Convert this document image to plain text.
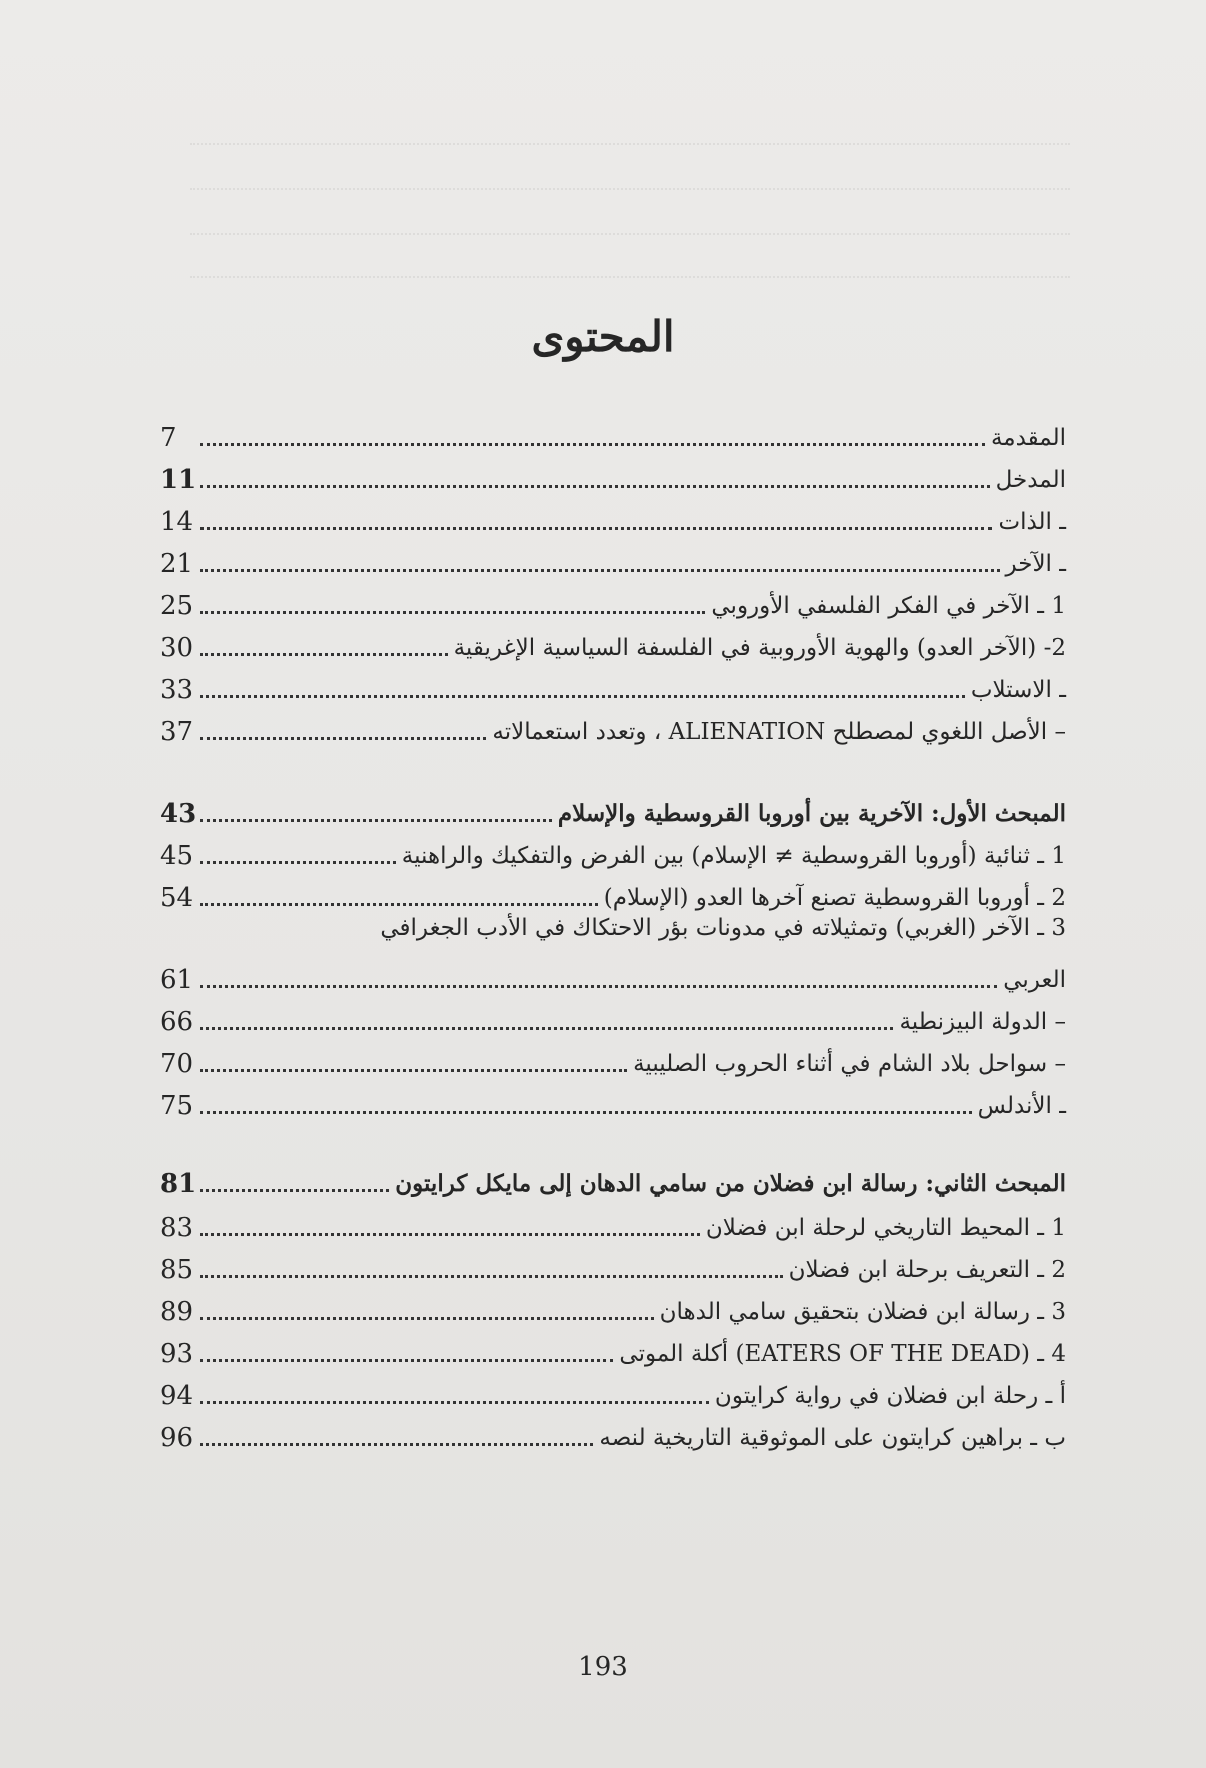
المحتوى
المقدمة
7
المدخل
11
ـ الذات
14
ـ الآخر
21
1 ـ الآخر في الفكر الفلسفي الأوروبي
25
2- (الآخر العدو) والهوية الأوروبية في الفلسفة السياسية الإغريقية
30
ـ الاستلاب
33
– الأصل اللغوي لمصطلح ALIENATION ، وتعدد استعمالاته
37
المبحث الأول: الآخرية بين أوروبا القروسطية والإسلام
43
1 ـ ثنائية (أوروبا القروسطية ≠ الإسلام) بين الفرض والتفكيك والراهنية
45
2 ـ أوروبا القروسطية تصنع آخرها العدو (الإسلام)
54
3 ـ الآخر (الغربي) وتمثيلاته في مدونات بؤر الاحتكاك في الأدب الجغرافي
العربي
61
– الدولة البيزنطية
66
– سواحل بلاد الشام في أثناء الحروب الصليبية
70
ـ الأندلس
75
المبحث الثاني: رسالة ابن فضلان من سامي الدهان إلى مايكل كرايتون
81
1 ـ المحيط التاريخي لرحلة ابن فضلان
83
2 ـ التعريف برحلة ابن فضلان
85
3 ـ رسالة ابن فضلان بتحقيق سامي الدهان
89
4 ـ (EATERS OF THE DEAD) أكلة الموتى
93
أ ـ رحلة ابن فضلان في رواية كرايتون
94
ب ـ براهين كرايتون على الموثوقية التاريخية لنصه
96
193
